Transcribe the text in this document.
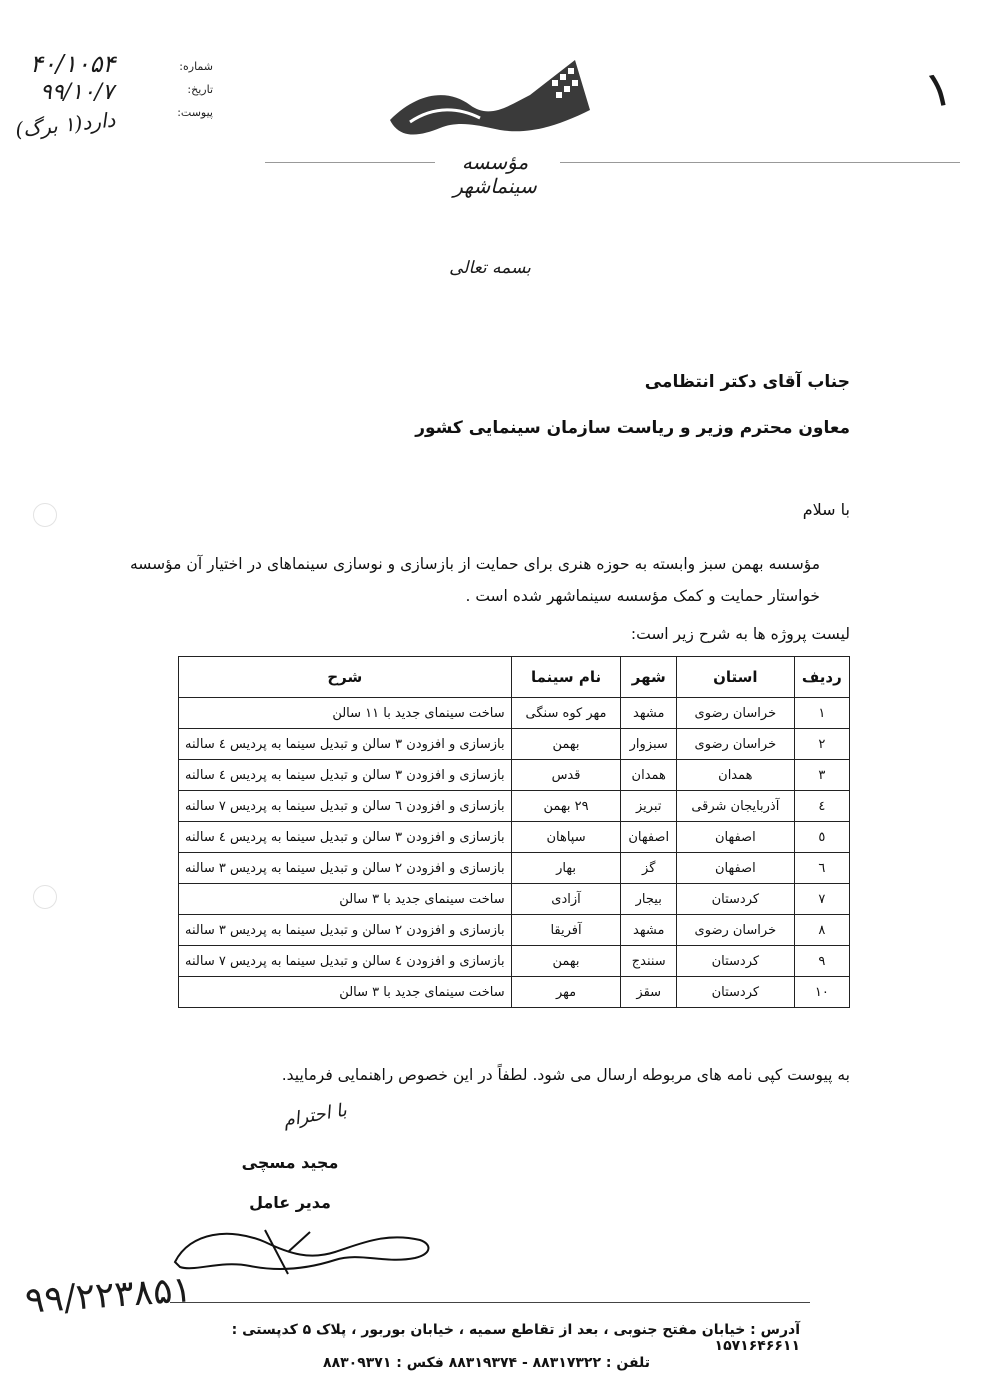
شماره:
تاریخ:
پیوست:
۴۰/۱۰۵۴
۹۹/۱۰/۷
دارد(۱ برگ)
مؤسسه سینماشهر
۱
بسمه تعالی
جناب آقای دکتر انتظامی
معاون محترم وزیر و ریاست سازمان سینمایی کشور
با سلام
مؤسسه بهمن سبز وابسته به حوزه هنری برای حمایت از بازسازی و نوسازی سینماهای در اختیار آن مؤسسه خواستار حمایت و کمک مؤسسه سینماشهر شده است .
لیست پروژه ها به شرح زیر است:
ردیف	استان	شهر	نام سینما	شرح
۱	خراسان رضوی	مشهد	مهر کوه سنگی	ساخت سینمای جدید با ۱۱ سالن
۲	خراسان رضوی	سبزوار	بهمن	بازسازی و افزودن ۳ سالن و تبدیل سینما به پردیس ٤ سالنه
۳	همدان	همدان	قدس	بازسازی و افزودن ۳ سالن و تبدیل سینما به پردیس ٤ سالنه
٤	آذربایجان شرقی	تبریز	۲۹ بهمن	بازسازی و افزودن ٦ سالن و تبدیل سینما به پردیس ۷ سالنه
٥	اصفهان	اصفهان	سپاهان	بازسازی و افزودن ۳ سالن و تبدیل سینما به پردیس ٤ سالنه
٦	اصفهان	گز	بهار	بازسازی و افزودن ۲ سالن و تبدیل سینما به پردیس ۳ سالنه
۷	کردستان	بیجار	آزادی	ساخت سینمای جدید با ۳ سالن
۸	خراسان رضوی	مشهد	آفریقا	بازسازی و افزودن ۲ سالن و تبدیل سینما به پردیس ۳ سالنه
۹	کردستان	سنندج	بهمن	بازسازی و افزودن ٤ سالن و تبدیل سینما به پردیس ۷ سالنه
۱۰	کردستان	سقز	مهر	ساخت سینمای جدید با ۳ سالن
به پیوست کپی نامه های مربوطه ارسال می شود. لطفاً در این خصوص راهنمایی فرمایید.
با احترام
مجید مسچی
مدیر عامل
۹۹/۲۲۳۸۵۱
آدرس : خیابان مفتح جنوبی ، بعد از تقاطع سمیه ، خیابان بوربور ، پلاک ۵ کدپستی : ۱۵۷۱۶۴۶۶۱۱
تلفن : ۸۸۳۱۷۳۲۲ - ۸۸۳۱۹۳۷۴ فکس : ۸۸۳۰۹۳۷۱
